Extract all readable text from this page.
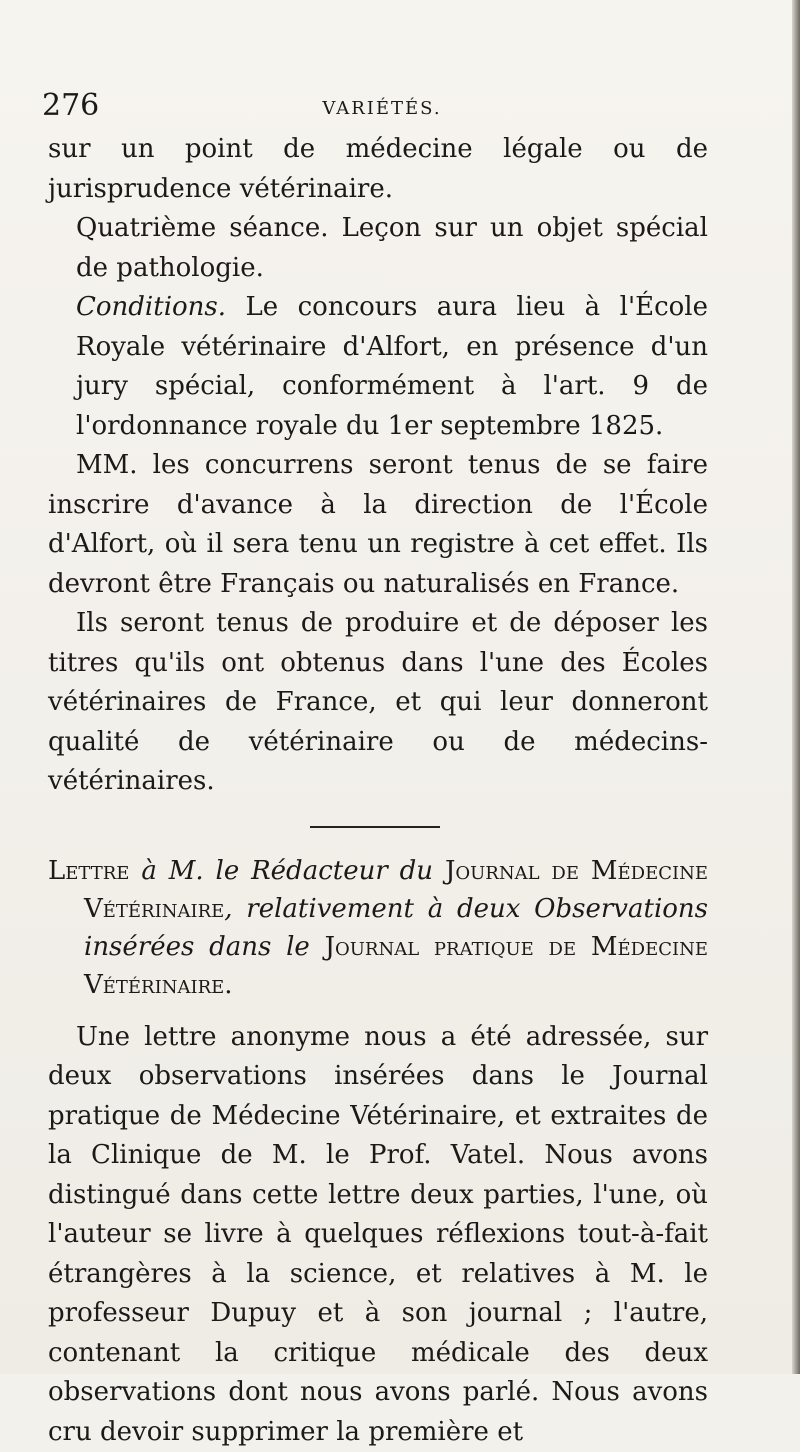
276	VARIÉTÉS.

sur un point de médecine légale ou de jurisprudence vétérinaire.

Quatrième séance. Leçon sur un objet spécial de pathologie.

Conditions. Le concours aura lieu à l'École Royale vétérinaire d'Alfort, en présence d'un jury spécial, conformément à l'art. 9 de l'ordonnance royale du 1er septembre 1825.

MM. les concurrens seront tenus de se faire inscrire d'avance à la direction de l'École d'Alfort, où il sera tenu un registre à cet effet. Ils devront être Français ou naturalisés en France.

Ils seront tenus de produire et de déposer les titres qu'ils ont obtenus dans l'une des Écoles vétérinaires de France, et qui leur donneront qualité de vétérinaire ou de médecins-vétérinaires.

Lettre à M. le Rédacteur du Journal de Médecine Vétérinaire, relativement à deux Observations insérées dans le Journal pratique de Médecine Vétérinaire.

Une lettre anonyme nous a été adressée, sur deux observations insérées dans le Journal pratique de Médecine Vétérinaire, et extraites de la Clinique de M. le Prof. Vatel. Nous avons distingué dans cette lettre deux parties, l'une, où l'auteur se livre à quelques réflexions tout-à-fait étrangères à la science, et relatives à M. le professeur Dupuy et à son journal ; l'autre, contenant la critique médicale des deux observations dont nous avons parlé. Nous avons cru devoir supprimer la première et
